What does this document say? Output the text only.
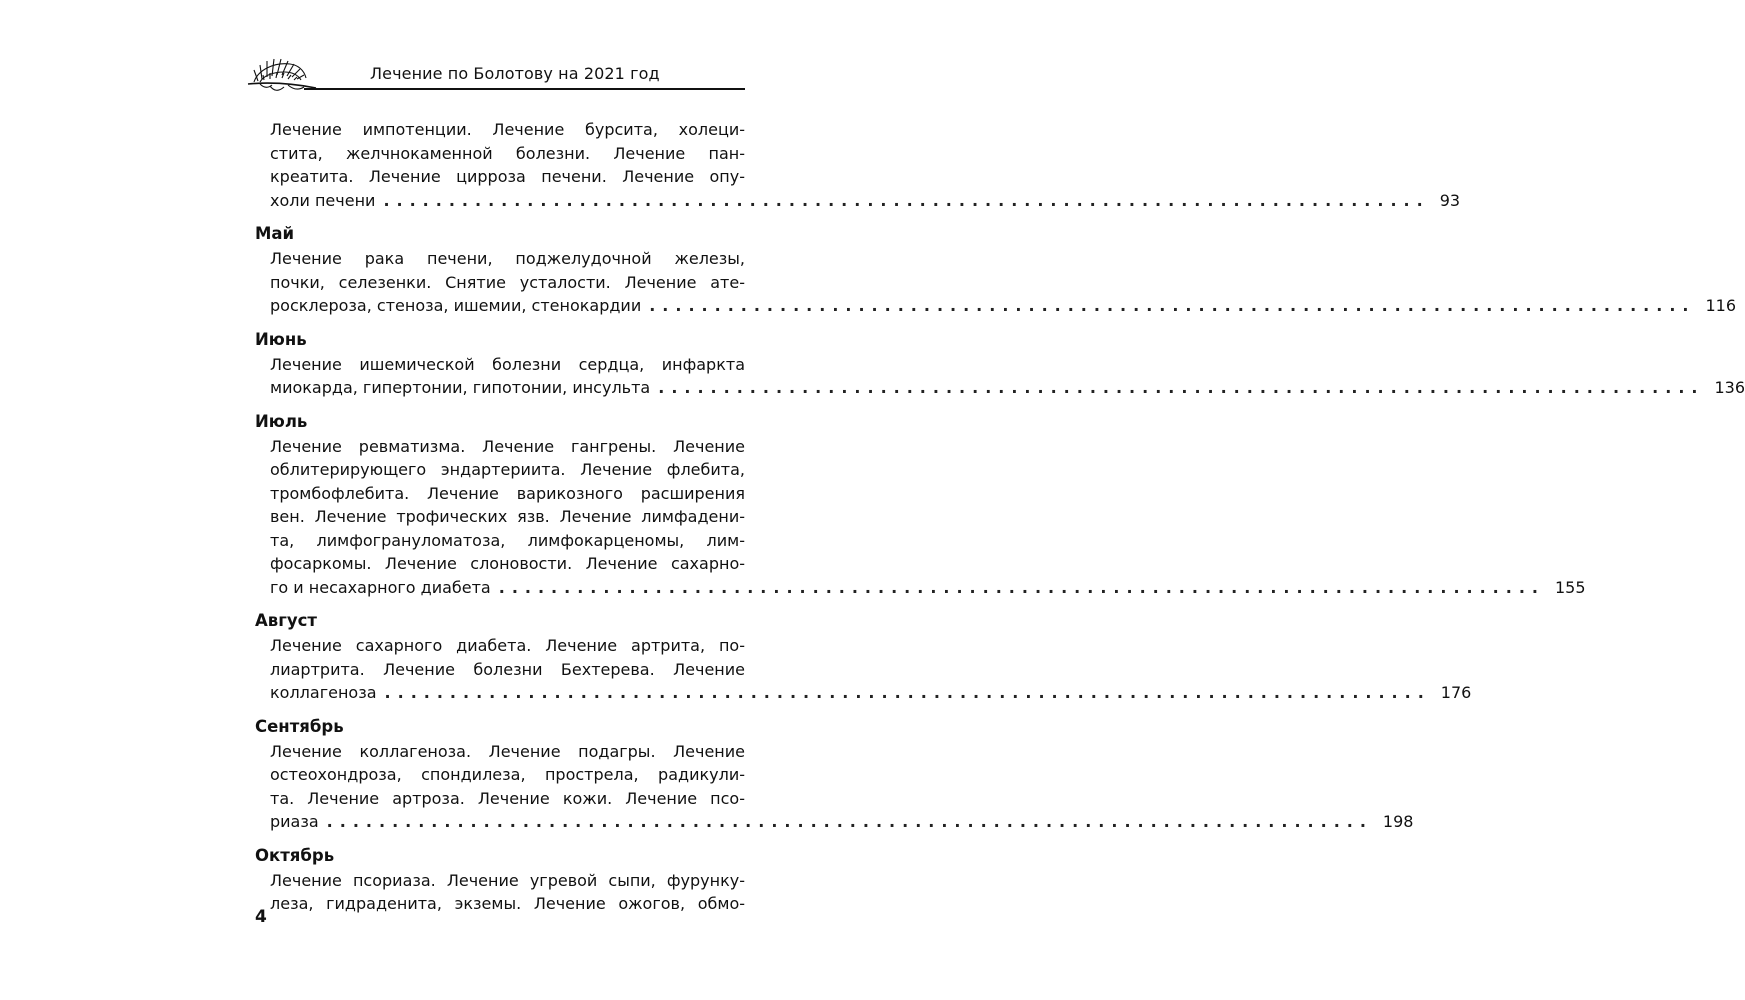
Лечение по Болотову на 2021 год
Лечение импотенции. Лечение бурсита, холеци-
стита, желчнокаменной болезни. Лечение пан-
креатита. Лечение цирроза печени. Лечение опу-
холи печени ................................................................................ 93
Май
Лечение рака печени, поджелудочной железы,
почки, селезенки. Снятие усталости. Лечение ате-
росклероза, стеноза, ишемии, стенокардии ................................................................................ 116
Июнь
Лечение ишемической болезни сердца, инфаркта
миокарда, гипертонии, гипотонии, инсульта ................................................................................ 136
Июль
Лечение ревматизма. Лечение гангрены. Лечение
облитерирующего эндартериита. Лечение флебита,
тромбофлебита. Лечение варикозного расширения
вен. Лечение трофических язв. Лечение лимфадени-
та, лимфогрануломатоза, лимфокарценомы, лим-
фосаркомы. Лечение слоновости. Лечение сахарно-
го и несахарного диабета ................................................................................ 155
Август
Лечение сахарного диабета. Лечение артрита, по-
лиартрита. Лечение болезни Бехтерева. Лечение
коллагеноза ................................................................................ 176
Сентябрь
Лечение коллагеноза. Лечение подагры. Лечение
остеохондроза, спондилеза, прострела, радикули-
та. Лечение артроза. Лечение кожи. Лечение псо-
риаза ................................................................................ 198
Октябрь
Лечение псориаза. Лечение угревой сыпи, фурунку-
леза, гидраденита, экземы. Лечение ожогов, обмо-
4
